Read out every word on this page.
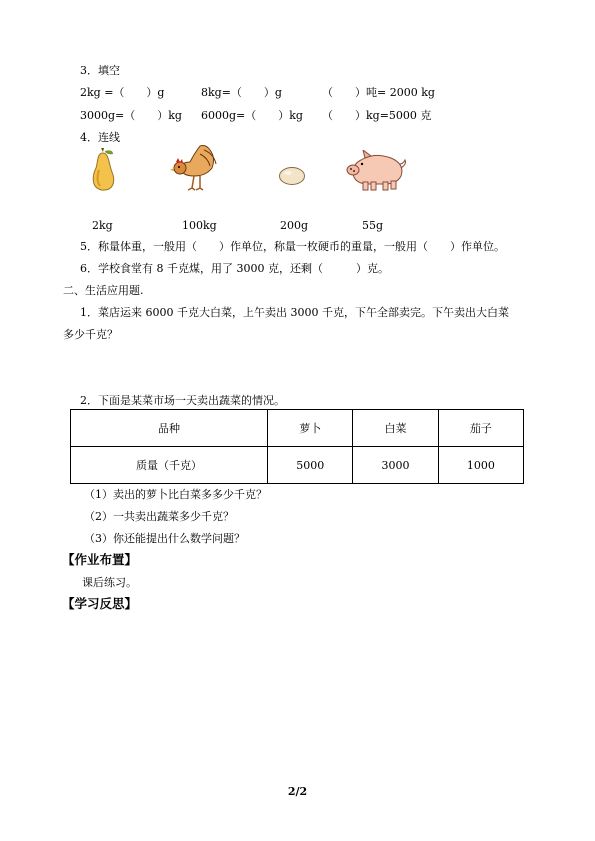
3．填空
2kg =（　　）g	8kg=（　　）g	（　　）吨= 2000 kg
3000g=（　　）kg 6000g=（　　）kg （　　）kg=5000 克
4．连线
2kg	100kg	200g	55g
5．称量体重，一般用（　　）作单位，称量一枚硬币的重量，一般用（　　）作单位。
6．学校食堂有 8 千克煤，用了 3000 克，还剩（　　　）克。
二、生活应用题.
1．菜店运来 6000 千克大白菜，上午卖出 3000 千克，下午全部卖完。下午卖出大白菜
多少千克？
2．下面是某菜市场一天卖出蔬菜的情况。
品种	萝卜	白菜	茄子
质量（千克）	5000	3000	1000
（1）卖出的萝卜比白菜多多少千克？
（2）一共卖出蔬菜多少千克？
（3）你还能提出什么数学问题？
【作业布置】
课后练习。
【学习反思】
2/2
